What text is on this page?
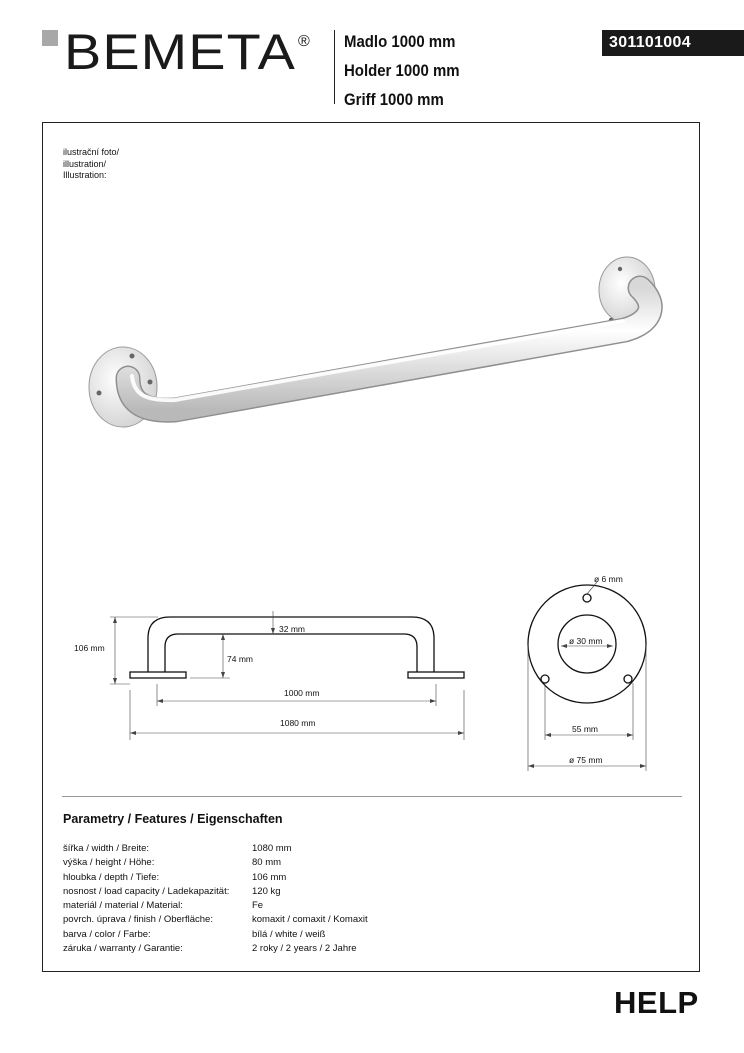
BEMETA ® Madlo 1000 mm
Holder 1000 mm
Griff 1000 mm
301101004
ilustrační foto/
illustration/
Illustration:
106 mm
32 mm
74 mm
1000 mm
1080 mm
ø 6 mm
ø 30 mm
55 mm
ø 75 mm
Parametry / Features / Eigenschaften
šířka / width / Breite:	1080 mm
výška / height / Höhe:	80 mm
hloubka / depth / Tiefe:	106 mm
nosnost / load capacity / Ladekapazität:	120 kg
materiál / material / Material:	Fe
povrch. úprava / finish / Oberfläche:	komaxit / comaxit / Komaxit
barva / color / Farbe:	bílá / white / weiß
záruka / warranty / Garantie:	2 roky / 2 years / 2 Jahre
HELP
